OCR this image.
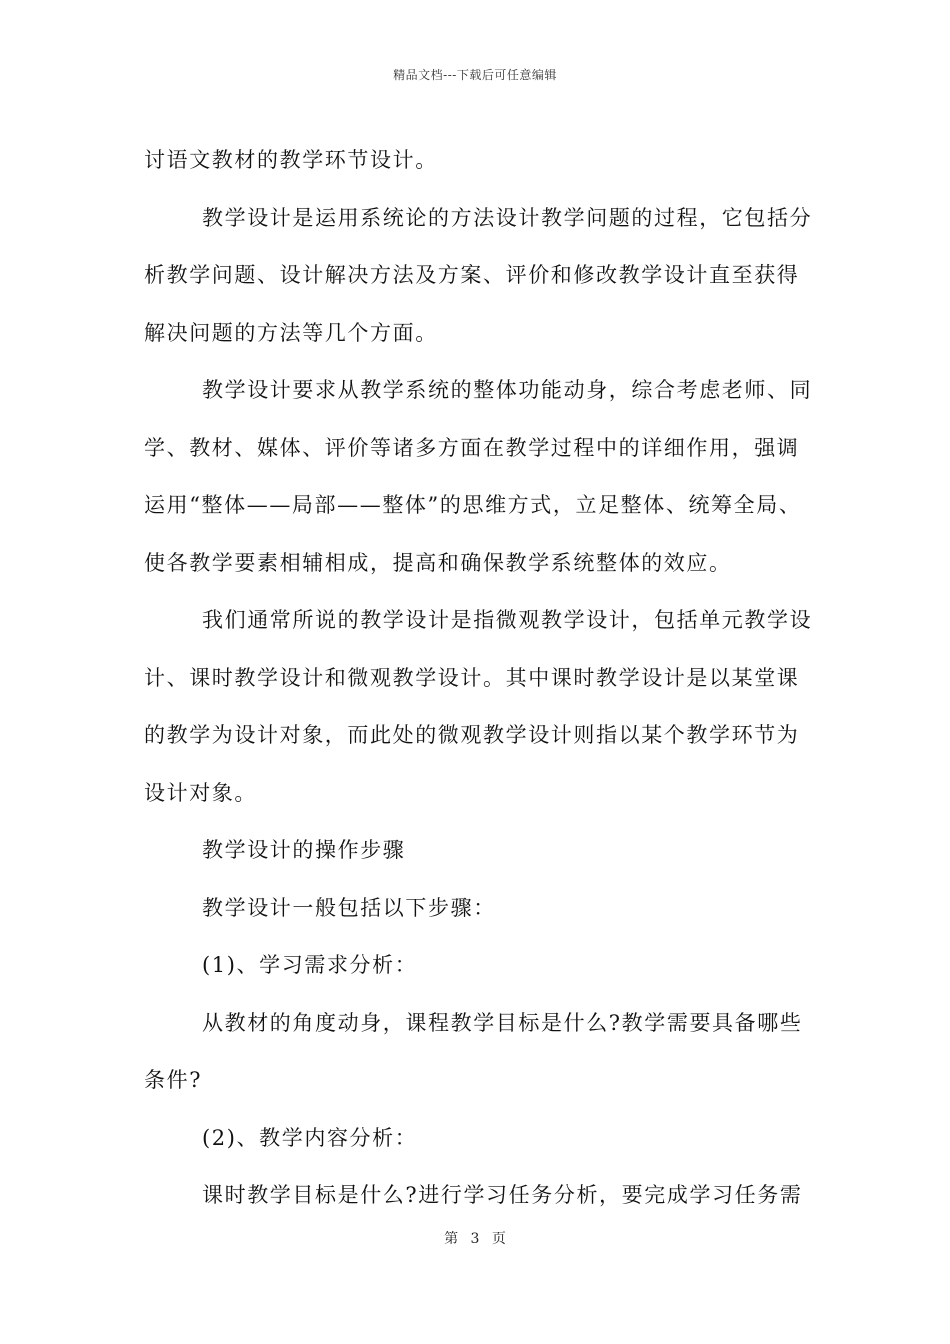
精品文档---下载后可任意编辑

讨语文教材的教学环节设计。

教学设计是运用系统论的方法设计教学问题的过程，它包括分

析教学问题、设计解决方法及方案、评价和修改教学设计直至获得

解决问题的方法等几个方面。

教学设计要求从教学系统的整体功能动身，综合考虑老师、同

学、教材、媒体、评价等诸多方面在教学过程中的详细作用，强调

运用“整体——局部——整体”的思维方式，立足整体、统筹全局、

使各教学要素相辅相成，提高和确保教学系统整体的效应。

我们通常所说的教学设计是指微观教学设计，包括单元教学设

计、课时教学设计和微观教学设计。其中课时教学设计是以某堂课

的教学为设计对象，而此处的微观教学设计则指以某个教学环节为

设计对象。

教学设计的操作步骤

教学设计一般包括以下步骤：

(1)、学习需求分析：

从教材的角度动身，课程教学目标是什么?教学需要具备哪些

条件?

(2)、教学内容分析：

课时教学目标是什么?进行学习任务分析，要完成学习任务需

第 3 页
